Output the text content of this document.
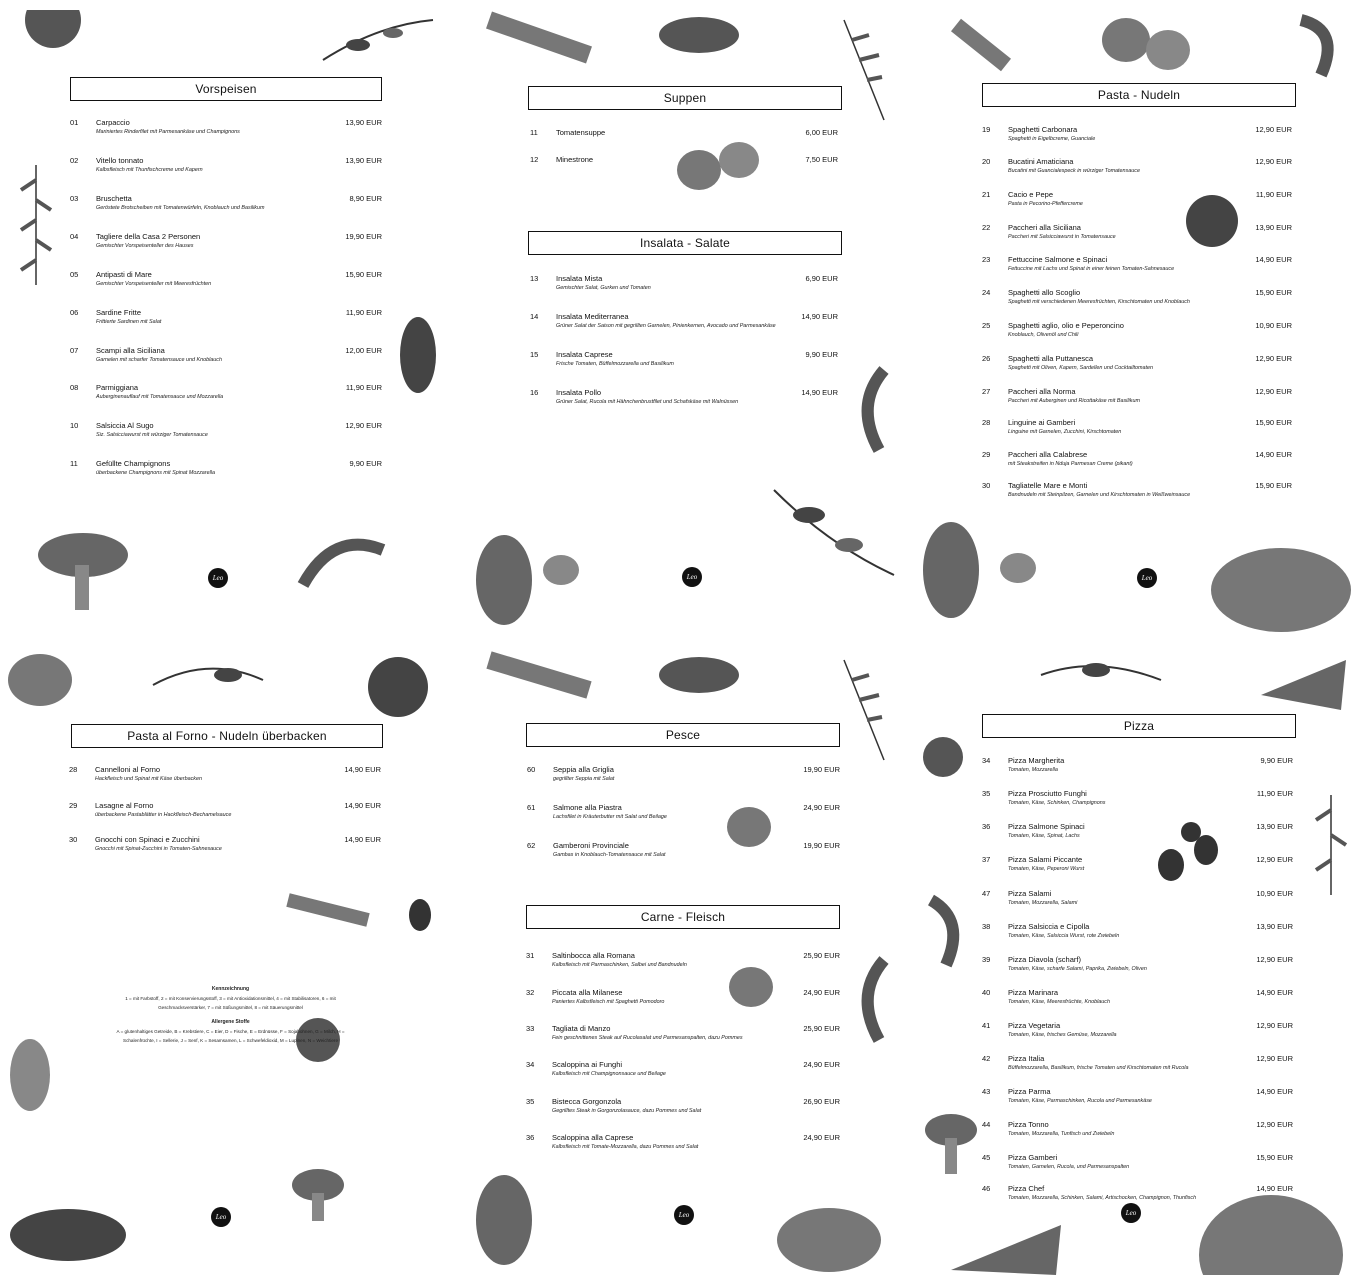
Vorspeisen
01 Carpaccio
Mariniertes Rinderfilet mit Parmesankäse und Champignons
13,90 EUR
02 Vitello tonnato
Kalbsfleisch mit Thunfischcreme und Kapern
13,90 EUR
03 Bruschetta
Geröstete Brotscheiben mit Tomatenwürfeln, Knoblauch und Basilikum
8,90 EUR
04 Tagliere della Casa 2 Personen
Gemischter Vorspeisenteller des Hauses
19,90 EUR
05 Antipasti di Mare
Gemischter Vorspeisenteller mit Meeresfrüchten
15,90 EUR
06 Sardine Fritte
Frittierte Sardinen mit Salat
11,90 EUR
07 Scampi alla Siciliana
Garnelen mit scharfer Tomatensauce und Knoblauch
12,00 EUR
08 Parmiggiana
Auberginenauflauf mit Tomatensauce und Mozzarella
11,90 EUR
10 Salsiccia Al Sugo
Siz. Salsicciawurst mit würziger Tomatensauce
12,90 EUR
11 Gefüllte Champignons
überbackene Champignons mit Spinat Mozzarella
9,90 EUR
Leo
Suppen
11 Tomatensuppe	6,00 EUR
12 Minestrone	7,50 EUR
Insalata - Salate
13 Insalata Mista
Gemischter Salat, Gurken und Tomaten
6,90 EUR
14 Insalata Mediterranea
Grüner Salat der Saison mit gegrillten Garnelen, Pinienkernen, Avocado und Parmesankäse
14,90 EUR
15 Insalata Caprese
Frische Tomaten, Büffelmozzarella und Basilikum
9,90 EUR
16 Insalata Pollo
Grüner Salat, Rucola mit Hähnchenbrustfilet und Schafskäse mit Walnüssen
14,90 EUR
Leo
Pasta - Nudeln
19 Spaghetti Carbonara
Spaghetti in Eigelbcreme, Guanciale
12,90 EUR
20 Bucatini Amaticiana
Bucatini mit Guancialespeck in würziger Tomatensauce
12,90 EUR
21 Cacio e Pepe
Pasta in Pecorino-Pfeffercreme
11,90 EUR
22 Paccheri alla Siciliana
Paccheri mit Salsicciawurst in Tomatensauce
13,90 EUR
23 Fettuccine Salmone e Spinaci
Fettuccine mit Lachs und Spinat in einer feinen Tomaten-Sahnesauce
14,90 EUR
24 Spaghetti allo Scoglio
Spaghetti mit verschiedenen Meeresfrüchten, Kirschtomaten und Knoblauch
15,90 EUR
25 Spaghetti aglio, olio e Peperoncino
Knoblauch, Olivenöl und Chili
10,90 EUR
26 Spaghetti alla Puttanesca
Spaghetti mit Oliven, Kapern, Sardellen und Cocktailtomaten
12,90 EUR
27 Paccheri alla Norma
Paccheri mit Auberginen und Ricottakäse mit Basilikum
12,90 EUR
28 Linguine ai Gamberi
Linguine mit Garnelen, Zucchini, Kirschtomaten
15,90 EUR
29 Paccheri alla Calabrese
mit Steakstreifen in Nduja Parmesan Creme (pikant)
14,90 EUR
30 Tagliatelle Mare e Monti
Bandnudeln mit Steinpilzen, Garnelen und Kirschtomaten in Weißweinsauce
15,90 EUR
Leo
Pasta al Forno - Nudeln überbacken
28 Cannelloni al Forno
Hackfleisch und Spinat mit Käse überbacken
14,90 EUR
29 Lasagne al Forno
überbackene Pastablätter in Hackfleisch-Bechamelsauce
14,90 EUR
30 Gnocchi con Spinaci e Zucchini
Gnocchi mit Spinat-Zucchini in Tomaten-Sahnesauce
14,90 EUR
Kennzeichnung
1 = mit Farbstoff, 2 = mit Konservierungsstoff, 3 = mit Antioxidationsmittel, 4 = mit Stabilisatoren, 6 = mit
Geschmacksverstärker, 7 = mit Süßungsmittel, 8 = mit Säuerungsmittel
Allergene Stoffe
A = glutenhaltiges Getreide, B = Krebstiere, C = Eier, D = Fische, E = Erdnüsse, F = Sojabohnen, G = Milch, H =
Schalenfrüchte, I = Sellerie, J = Senf, K = Sesamsamen, L = Schwefeldioxid, M = Lupinen, N = Weichtiere
Leo
Pesce
60 Seppia alla Griglia
gegrillter Seppia mit Salat
19,90 EUR
61 Salmone alla Piastra
Lachsfilet in Kräuterbutter mit Salat und Beilage
24,90 EUR
62 Gamberoni Provinciale
Gambas in Knoblauch-Tomatensauce mit Salat
19,90 EUR
Carne - Fleisch
31 Saltinbocca alla Romana
Kalbsfleisch mit Parmaschinken, Salbei und Bandnudeln
25,90 EUR
32 Piccata alla Milanese
Paniertes Kalbsfleisch mit Spaghetti Pomodoro
24,90 EUR
33 Tagliata di Manzo
Fein geschnittenes Steak auf Rucolasalat und Parmesanspalten, dazu Pommes
25,90 EUR
34 Scaloppina ai Funghi
Kalbsfleisch mit Champignonsauce und Beilage
24,90 EUR
35 Bistecca Gorgonzola
Gegrilltes Steak in Gorgonzolasauce, dazu Pommes und Salat
26,90 EUR
36 Scaloppina alla Caprese
Kalbsfleisch mit Tomate-Mozzarella, dazu Pommes und Salat
24,90 EUR
Leo
Pizza
34 Pizza Margherita
Tomaten, Mozzarella
9,90 EUR
35 Pizza Prosciutto Funghi
Tomaten, Käse, Schinken, Champignons
11,90 EUR
36 Pizza Salmone Spinaci
Tomaten, Käse, Spinat, Lachs
13,90 EUR
37 Pizza Salami Piccante
Tomaten, Käse, Peperoni Wurst
12,90 EUR
47 Pizza Salami
Tomaten, Mozzarella, Salami
10,90 EUR
38 Pizza Salsiccia e Cipolla
Tomaten, Käse, Salsiccia Wurst, rote Zwiebeln
13,90 EUR
39 Pizza Diavola (scharf)
Tomaten, Käse, scharfe Salami, Paprika, Zwiebeln, Oliven
12,90 EUR
40 Pizza Marinara
Tomaten, Käse, Meeresfrüchte, Knoblauch
14,90 EUR
41 Pizza Vegetaria
Tomaten, Käse, frisches Gemüse, Mozzarella
12,90 EUR
42 Pizza Italia
Büffelmozzarella, Basilikum, frische Tomaten und Kirschtomaten mit Rucola
12,90 EUR
43 Pizza Parma
Tomaten, Käse, Parmaschinken, Rucola und Parmesankäse
14,90 EUR
44 Pizza Tonno
Tomaten, Mozzarella, Tunfisch und Zwiebeln
12,90 EUR
45 Pizza Gamberi
Tomaten, Garnelen, Rucola, und Parmesanspalten
15,90 EUR
46 Pizza Chef
Tomaten, Mozzarella, Schinken, Salami, Artischocken, Champignon, Thunfisch
14,90 EUR
Leo
